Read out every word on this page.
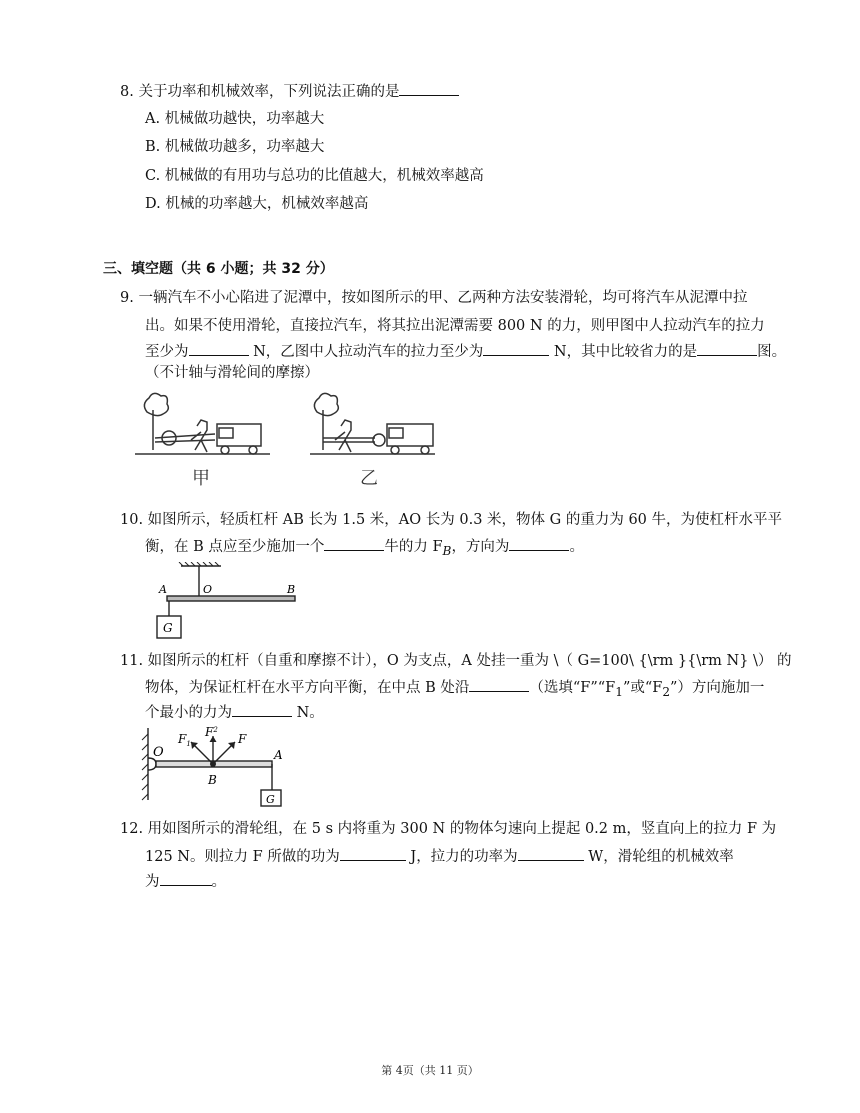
8. 关于功率和机械效率，下列说法正确的是
A. 机械做功越快，功率越大
B. 机械做功越多，功率越大
C. 机械做的有用功与总功的比值越大，机械效率越高
D. 机械的功率越大，机械效率越高
三、填空题（共 6 小题；共 32 分）
9. 一辆汽车不小心陷进了泥潭中，按如图所示的甲、乙两种方法安装滑轮，均可将汽车从泥潭中拉
出。如果不使用滑轮，直接拉汽车，将其拉出泥潭需要 800 N 的力，则甲图中人拉动汽车的拉力
至少为	N，乙图中人拉动汽车的拉力至少为	N，其中比较省力的是	图。
（不计轴与滑轮间的摩擦）
甲	乙
10. 如图所示，轻质杠杆 AB 长为 1.5 米，AO 长为 0.3 米，物体 G 的重力为 60 牛，为使杠杆水平平
衡，在 B 点应至少施加一个	牛的力 $F_B$，方向为	。
A	O	B
G
11. 如图所示的杠杆（自重和摩擦不计），O 为支点，A 处挂一重为 \（ G=100\ {\rm }{\rm N} \） 的
物体，为保证杠杆在水平方向平衡，在中点 B 处沿	（选填“$F”“F_1$”或“$F_2$”）方向施加一
个最小的力为	N。
O
$F_1$
$F^2$
F
A
B
G
12. 用如图所示的滑轮组，在 5 s 内将重为 300 N 的物体匀速向上提起 0.2 m，竖直向上的拉力 F 为
125 N。则拉力 F 所做的功为	J，拉力的功率为	W，滑轮组的机械效率
为	。
第 4页（共 11 页）
